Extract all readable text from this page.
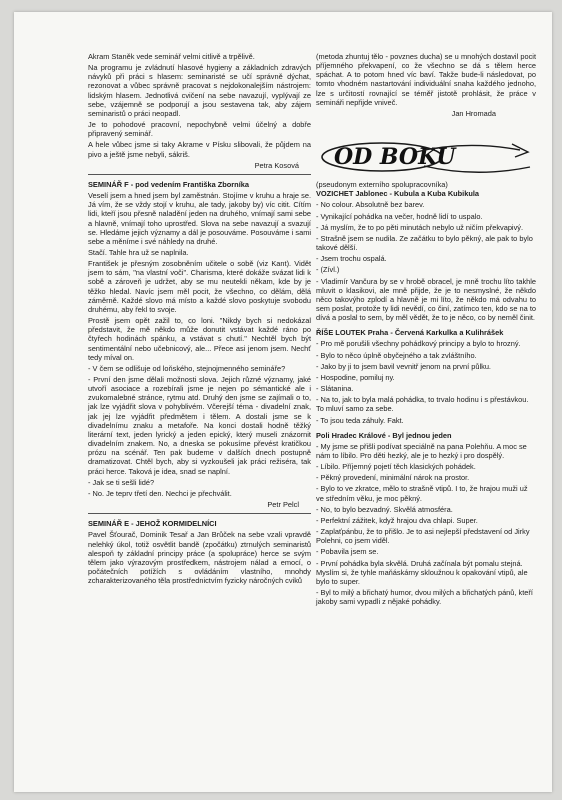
Akram Staněk vede seminář velmi citlivě a trpělivě.

Na programu je zvládnutí hlasové hygieny a základních zdravých návyků při práci s hlasem: seminaristé se učí správně dýchat, rezonovat a vůbec správně pracovat s nejdokonalejším nástrojem: lidským hlasem. Jednotlivá cvičení na sebe navazují, vyplývají ze sebe, vzájemně se podporují a jsou sestavena tak, aby zájem seminaristů o práci neopadl.

Je to pohodové pracovní, nepochybně velmi účelný a dobře připravený seminář.

A hele vůbec jsme si taky Akrame v Písku slibovali, že půjdem na pivo a ještě jsme nebyli, sákriš.

Petra Kosová
SEMINÁŘ F - pod vedením Františka Zborníka

Veselí jsem a hned jsem byl zaměstnán. Stojíme v kruhu a hraje se. Já vím, že se vždy stojí v kruhu, ale tady, jakoby by) víc citit. Cítím lidi, kteří jsou přesně naladění jeden na druhého, vnímají sami sebe a hlavně, vnímají toho uprostřed. Slova na sebe navazují a svazují se. Hledáme jejich významy a dál je posouváme. Posouváme i sami sebe a měníme i své náhledy na druhé.

Stačí. Tahle hra už se naplnila.

František je přesným zosobněním učitele o sobě (viz Kant). Vidět jsem to sám, "na vlastní voči". Charisma, které dokáže svázat lidi k sobě a zároveň je udržet, aby se mu neutekli někam, kde by je těžko hledal. Navíc jsem měl pocit, že všechno, co dělám, dělá záměrně. Každé slovo má místo a každé slovo poskytuje svobodu druhému, aby řekl to svoje.

Prostě jsem opět zažil to, co loni. "Nikdy bych si nedokázal představit, že mě někdo může donutit vstávat každé ráno po čtyřech hodinách spánku, a vstávat s chutí." Nechtěl bych být sentimentální nebo učebnicový, ale... Přece asi jenom jsem. Nechť tedy míval on.

- V čem se odlišuje od loňského, stejnojmenného semináře?

- První den jsme dělali možnosti slova. Jejich různé významy, jaké utvoří asociace a rozebírali jsme je nejen po sémantické ale i zvukomalebné stránce, rytmu atd. Druhý den jsme se zajímali o to, jak lze vyjádřit slova v pohyblivém. Včerejší téma - divadelní znak, jak jej lze vyjádřit předmětem i tělem. A dostali jsme se k divadelnímu znaku a metafoře. Na konci dostali hodně těžký literární text, jeden lyrický a jeden epický, který museli znázornit divadelním znakem. No, a dneska se pokusíme převést kratičkou prózu na scénář. Ten pak budeme v dalších dnech postupně dramatizovat. Chtěl bych, aby si vyzkoušeli jak práci režiséra, tak práci herce. Taková je idea, snad se naplní.

- Jak se ti sešli lidé?

- No. Je teprv třetí den. Nechci je přechválit.

Petr Pelcl
SEMINÁŘ E - JEHOŽ KORMIDELNÍCI

Pavel Šťourač, Dominik Tesař a Jan Brůček na sebe vzali vpravdě nelehký úkol, totiž osvětlit bandě (zpočátku) ztrnulých seminaristů alespoň ty základní principy práce (a spolupráce) herce se svým tělem jako výrazovým prostředkem, nástrojem nálad a emocí, o počátečních potížích s ovládáním vlastního, mnohdy zcharakterizovaného těla prostřednictvím fyzicky náročných cviků

(metoda zhuntuj tělo - povznes ducha) se u mnohých dostavil pocit příjemného překvapení, co že všechno se dá s tělem herce spáchat. A to potom hned víc baví. Takže bude-li následovat, po tomto vhodném nastartování individuální snaha každého jednoho, lze s určitostí rovnající se téměř jistotě prohlásit, že práce v semináři nepřijde vniveč.

Jan Hromada
OD BOKU
(pseudonym externího spolupracovníka)
VOZICHET Jablonec - Kubula a Kuba Kubikula

- No colour. Absolutně bez barev.

- Vynikající pohádka na večer, hodně lidí to uspalo.

- Já myslím, že to po pěti minutách nebylo už ničím překvapivý.

- Strašně jsem se nudila. Ze začátku to bylo pěkný, ale pak to bylo takové dělší.

- Jsem trochu ospalá.

- (Zívl.)

- Vladimír Vančura by se v hrobě obracel, je mně trochu líto takhle mluvit o klasikovi, ale mně přijde, že je to nesmyslné, že někdo něco takovýho zplodí a hlavně je mi líto, že někdo má odvahu to sem poslat, protože ty lidi nevědí, co činí, zatímco ten, kdo se na to dívá a poslal to sem, by měl vědět, že to je něco, co by neměl činit.

ŘÍŠE LOUTEK Praha - Červená Karkulka a Kulihrášek

- Pro mě porušili všechny pohádkový principy a bylo to hrozný.

- Bylo to něco úplně obyčejného a tak zvláštního.

- Jako by ji to jsem bavil vevnitř jenom na první půlku.

- Hospodine, pomiluj ny.

- Slátanina.

- Na to, jak to byla malá pohádka, to trvalo hodinu i s přestávkou. To mluví samo za sebe.

- To jsou teda záhuly. Fakt.

Poli Hradec Králové - Byl jednou jeden

- My jsme se přišli podívat speciálně na pana Polehňu. A moc se nám to líbilo. Pro děti hezký, ale je to hezký i pro dospělý.

- Líbilo. Příjemný pojetí těch klasických pohádek.

- Pěkný provedení, minimální nárok na prostor.

- Bylo to ve zkratce, mělo to strašně vtipů. I to, že hrajou muži už ve středním věku, je moc pěkný.

- No, to bylo bezvadný. Skvělá atmosféra.

- Perfektní zážitek, když hrajou dva chlapi. Super.

- Zaplaťpánbu, že to přišlo. Je to asi nejlepší představení od Jirky Polehni, co jsem viděl.

- Pobavila jsem se.

- První pohádka byla skvělá. Druhá začínala být pomalu stejná. Myslím si, že tyhle maňáskárny skloužnou k opakování vtipů, ale bylo to super.

- Byl to milý a břichatý humor, dvou milých a břichatých pánů, kteří jakoby sami vypadli z nějaké pohádky.
